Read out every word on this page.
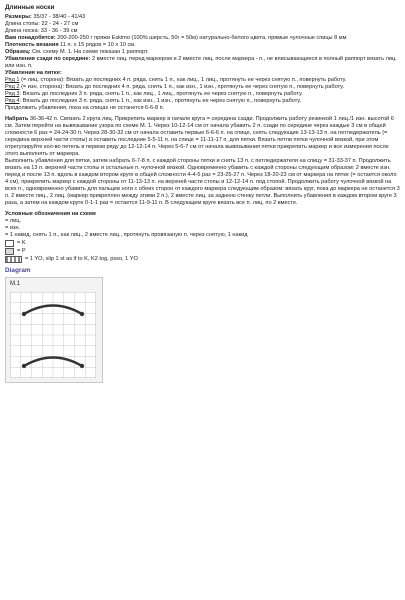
Длинные носки

Размеры: 35/37 - 38/40 - 41/43

Длина стопы: 22 - 24 - 27 см

Длина носка: 33 - 36 - 39 см

Вам понадобятся: 200-200-250 г пряжи Eskimo (100% шерсть, 50г = 50м) натурально-белого цвета, прямые чулочные спицы 8 мм

Плотность вязания 11 п. х 15 рядов = 10 х 10 см.

Образец: См. схему М. 1. На схеме показан 1 раппорт.

Убавления сзади по середине: 2 вместе лиц. перед маркером и 2 вместе лиц. после маркера - п., не вписывающиеся в полный раппорт вязать лиц. или изн. п.

Убавления на пятке:

Ряд 1 (= лиц. сторона): Вязать до последних 4 п. ряда, снять 1 п., как лиц., 1 лиц., протянуть ее через снятую п., повернуть работу.

Ряд 2 (= изн. сторона): Вязать до последних 4 п. ряда, снять 1 п., как изн., 1 изн., протянуть ее через снятую п., повернуть работу.

Ряд 3: Вязать до последних 3 п. ряда, снять 1 п., как лиц., 1 лиц., протянуть ее через снятую п., повернуть работу.

Ряд 4: Вязать до последних 3 п. ряда, снять 1 п., как изн., 1 изн., протянуть ее через снятую п., повернуть работу.

Продолжить убавления, пока на спицах не останется 6-6-8 п.

Набрать 36-36-42 п. Связать 2 круга лиц. Прикрепить маркер в начале круга = середина сзади. Продолжить работу резинкой 1 лиц./1 изн. высотой 6 см. Затем перейти на вывязывание узора по схеме М. 1. Через 10-12-14 см от начала убавить 2 п. сзади по середине через каждые 3 см в общей сложности 6 раз = 24-24-30 п. Через 28-30-32 см от начала оставить первые 6-6-6 п. на спице, снять следующие 13-13-13 п. на петледержатель (= середина верхней части стопы) и оставить последние 5-5-11 п. на спице = 11-11-17 п. для пятки. Вязать петли пятки чулочной вязкой, при этом отрегулируйте кол-во петель в первом ряду до 12-12-14 п. Через 5-6-7 см от начала вывязывания пятки прикрепить маркер и все измерения после этого выполнять от маркера.

Выполнить убавления для пятки, затем набрать 6-7-8 п. с каждой стороны пятки и снять 13 п. с петледержателя на спицу = 31-33-37 п. Продолжить вязать на 13 п. верхней части стопы и остальные п. чулочной вязкой. Одновременно убавить с каждой стороны следующим образом: 2 вместе изн. перед и после 13 п. вдоль в каждом втором круге в общей сложности 4-4-5 раз = 23-25-27 п. Через 18-20-23 см от маркера на пятке (= остается около 4 см), прикрепить маркер с каждой стороны от 11-13-13 п. на верхней части стопы и 12-12-14 п. под стопой. Продолжить работу чулочной вязкой на всех п., одновременно убавить для пальцев ноги с обеих сторон от каждого маркера следующим образом: вязать круг, пока до маркера не останется 3 п. 2 вместе лиц., 2 лиц. (маркер прикреплен между этими 2 п.), 2 вместе лиц. за заднюю стенку петли. Выполнить убавления в каждом втором круге 3 раза, а затем на каждом круге 0-1-1 раз = остается 11-9-11 п. В следующем круге вязать все п. лиц. по 2 вместе.

Условные обозначения на схеме

= лиц.

= изн.

= 1 накид, снять 1 п., как лиц., 2 вместе лиц., протянуть провязаную п. через снятую, 1 накид

= K
= P
= 1 YO, slip 1 st as if to K, K2 tog, psso, 1 YO

Diagram

M.1
